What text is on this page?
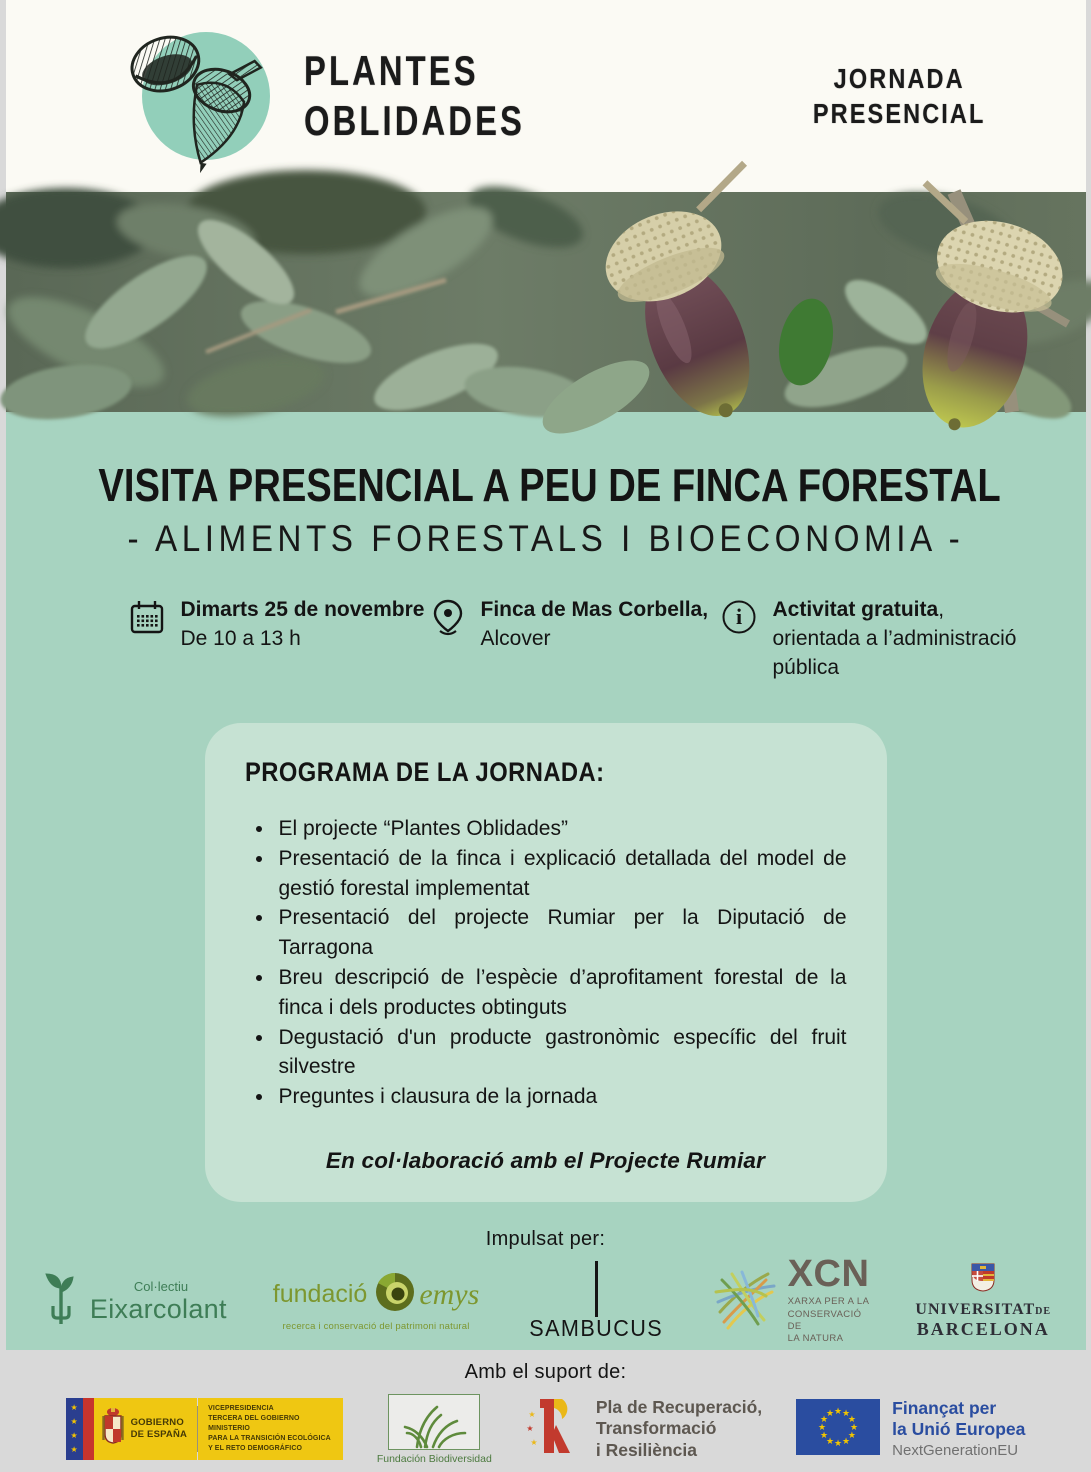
PLANTES
OBLIDADES
JORNADA
PRESENCIAL
VISITA PRESENCIAL A PEU DE FINCA FORESTAL
- ALIMENTS FORESTALS I BIOECONOMIA -
Dimarts 25 de novembre
De 10 a 13 h
Finca de Mas Corbella,
Alcover
i Activitat gratuita,
orientada a l’administració pública
PROGRAMA DE LA JORNADA:
• El projecte “Plantes Oblidades”
• Presentació de la finca i explicació detallada del model de gestió forestal implementat
• Presentació del projecte Rumiar per la Diputació de Tarragona
• Breu descripció de l’espècie d’aprofitament forestal de la finca i dels productes obtinguts
• Degustació d'un producte gastronòmic específic del fruit silvestre
• Preguntes i clausura de la jornada
En col·laboració amb el Projecte Rumiar
Impulsat per:
Col·lectiu
Eixarcolant fundació emys
recerca i conservació del patrimoni natural	SAMBUCUS
XCN
XARXA PER A LA
CONSERVACIÓ DE
LA NATURA
UNIVERSITATDE
BARCELONA
Amb el suport de:
★
★
★
★
GOBIERNO
DE ESPAÑA
VICEPRESIDENCIA
TERCERA DEL GOBIERNO
MINISTERIO
PARA LA TRANSICIÓN ECOLÓGICA
Y EL RETO DEMOGRÁFICO
Fundación Biodiversidad
★
★
★
Pla de Recuperació,
Transformació
i Resiliència
★
★
★
★
★
★
★
★
★ ★ ★
★
Finançat per
la Unió Europea
NextGenerationEU
